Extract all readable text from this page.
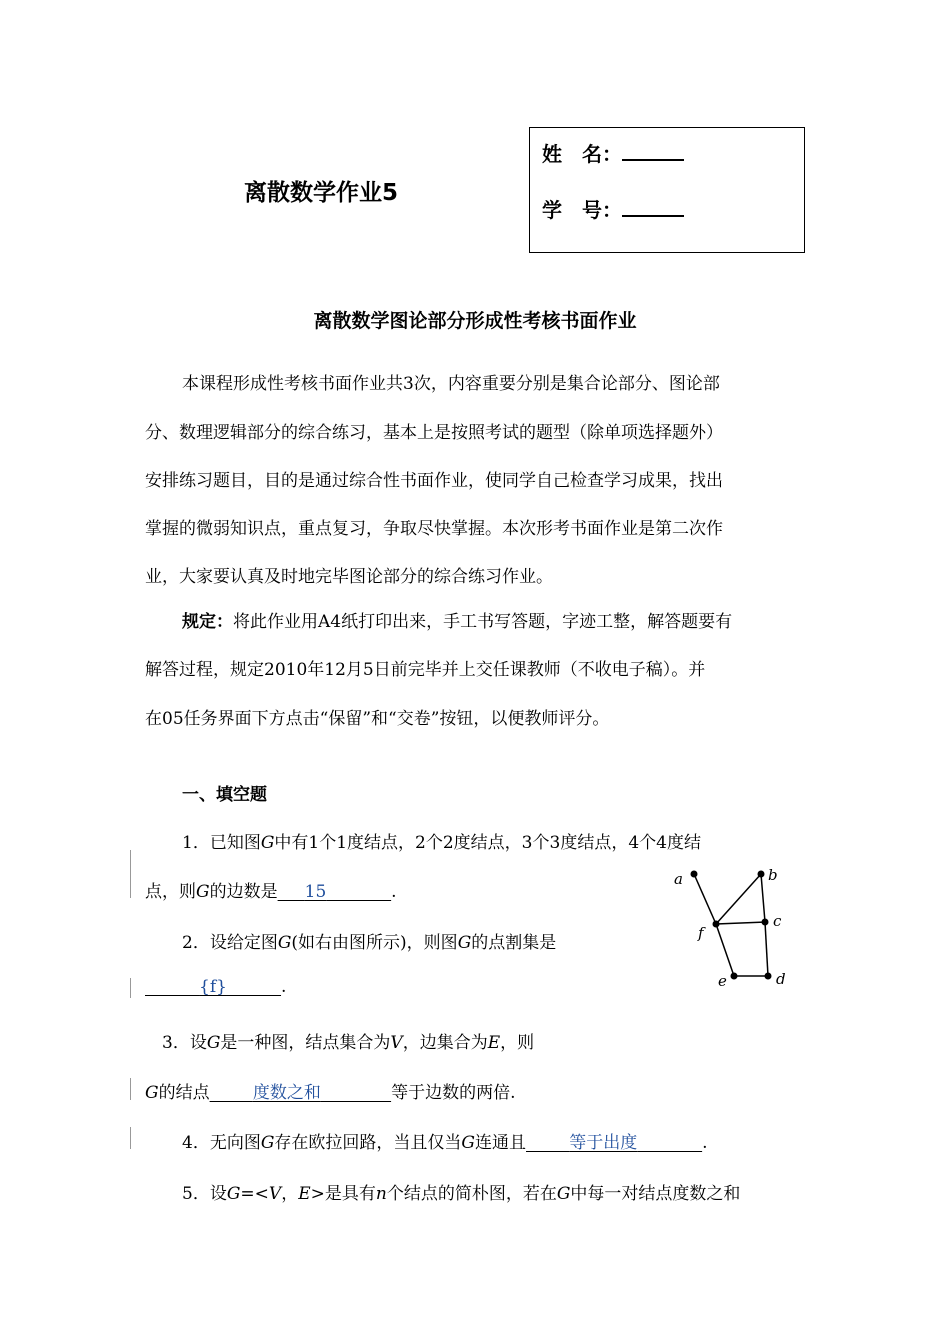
离散数学作业5
姓　名：
学　号：
离散数学图论部分形成性考核书面作业
本课程形成性考核书面作业共3次，内容重要分别是集合论部分、图论部
分、数理逻辑部分的综合练习，基本上是按照考试的题型（除单项选择题外）
安排练习题目，目的是通过综合性书面作业，使同学自己检查学习成果，找出
掌握的微弱知识点，重点复习，争取尽快掌握。本次形考书面作业是第二次作
业，大家要认真及时地完毕图论部分的综合练习作业。
规定：将此作业用A4纸打印出来，手工书写答题，字迹工整，解答题要有
解答过程，规定2010年12月5日前完毕并上交任课教师（不收电子稿）。并
在05任务界面下方点击“保留”和“交卷”按钮，以便教师评分。
一、填空题
1．已知图G中有1个1度结点，2个2度结点，3个3度结点，4个4度结
点，则G的边数是 15	.
2．设给定图G(如右由图所示)，则图G的点割集是
{f}	.
3．设G是一种图，结点集合为V，边集合为E，则
G的结点	度数之和	等于边数的两倍.
4．无向图G存在欧拉回路，当且仅当G连通且	等于出度	.
5．设G=<V，E>是具有n个结点的简朴图，若在G中每一对结点度数之和
a	b
c
f
e	d
